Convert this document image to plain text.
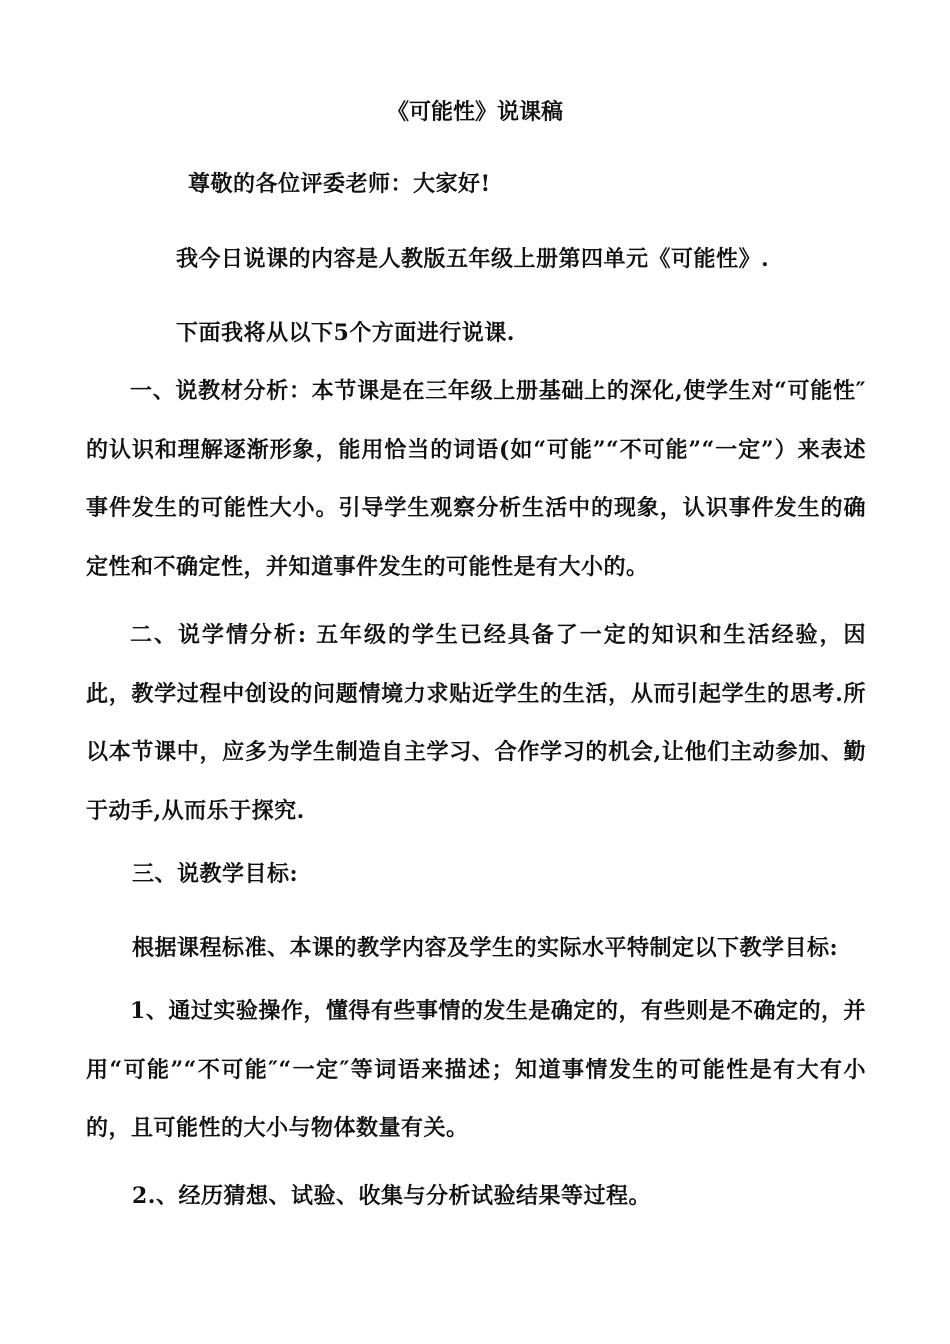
《可能性》说课稿
尊敬的各位评委老师：大家好!
我今日说课的内容是人教版五年级上册第四单元《可能性》.
下面我将从以下5个方面进行说课.
一、说教材分析：本节课是在三年级上册基础上的深化,使学生对“可能性″的认识和理解逐渐形象，能用恰当的词语(如“可能”“不可能”“一定”）来表述事件发生的可能性大小。引导学生观察分析生活中的现象，认识事件发生的确定性和不确定性，并知道事件发生的可能性是有大小的。
二、说学情分析: 五年级的学生已经具备了一定的知识和生活经验，因此，教学过程中创设的问题情境力求贴近学生的生活，从而引起学生的思考.所以本节课中，应多为学生制造自主学习、合作学习的机会,让他们主动参加、勤于动手,从而乐于探究.
三、说教学目标:
根据课程标准、本课的教学内容及学生的实际水平特制定以下教学目标:
1、通过实验操作，懂得有些事情的发生是确定的，有些则是不确定的，并用“可能”“不可能″“一定″等词语来描述；知道事情发生的可能性是有大有小的，且可能性的大小与物体数量有关。
2.、经历猜想、试验、收集与分析试验结果等过程。
